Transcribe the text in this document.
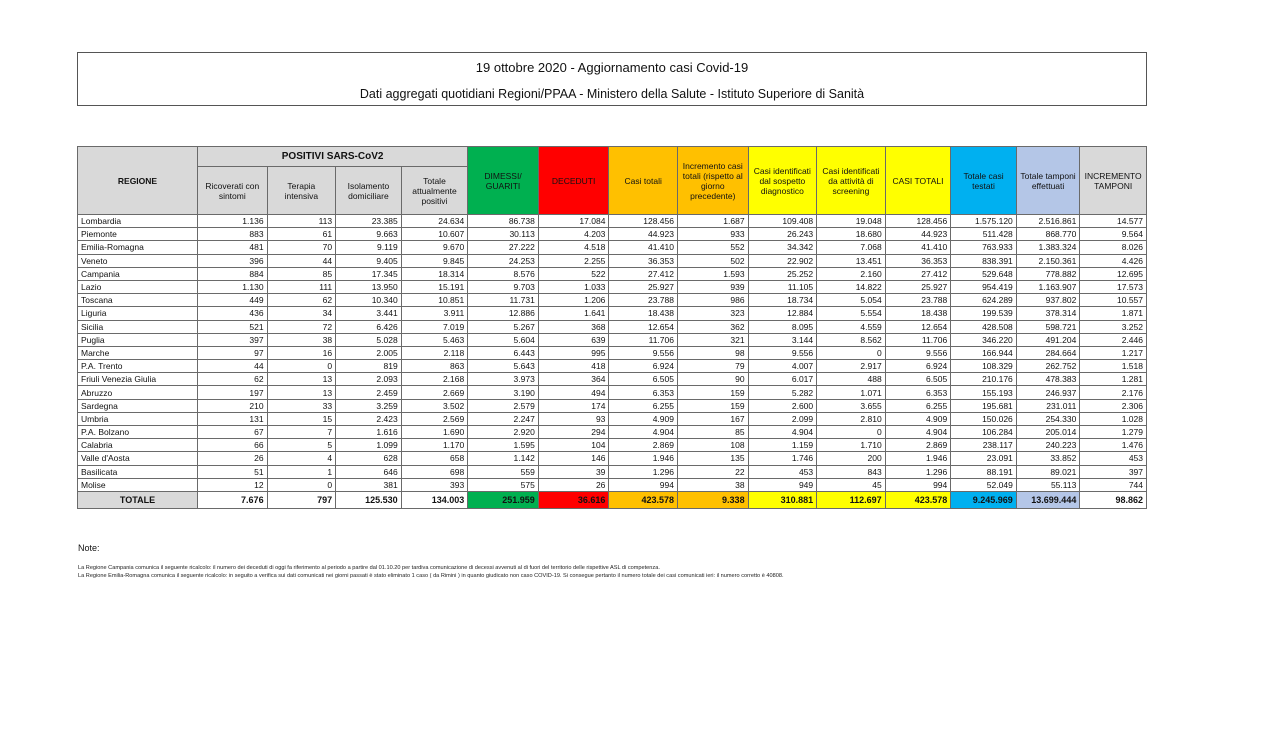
19 ottobre 2020 - Aggiornamento casi Covid-19
Dati aggregati quotidiani Regioni/PPAA - Ministero della Salute - Istituto Superiore di Sanità
REGIONE	POSITIVI SARS-CoV2				DIMESSI/ GUARITI	DECEDUTI	Casi totali	Incremento casi totali (rispetto al giorno precedente)	Casi identificati dal sospetto diagnostico	Casi identificati da attività di screening	CASI TOTALI	Totale casi testati	Totale tamponi effettuati	INCREMENTO TAMPONI
	Ricoverati con sintomi	Terapia intensiva	Isolamento domiciliare	Totale attualmente positivi										
Lombardia	1.136	113	23.385	24.634	86.738	17.084	128.456	1.687	109.408	19.048	128.456	1.575.120	2.516.861	14.577
Piemonte	883	61	9.663	10.607	30.113	4.203	44.923	933	26.243	18.680	44.923	511.428	868.770	9.564
Emilia-Romagna	481	70	9.119	9.670	27.222	4.518	41.410	552	34.342	7.068	41.410	763.933	1.383.324	8.026
Veneto	396	44	9.405	9.845	24.253	2.255	36.353	502	22.902	13.451	36.353	838.391	2.150.361	4.426
Campania	884	85	17.345	18.314	8.576	522	27.412	1.593	25.252	2.160	27.412	529.648	778.882	12.695
Lazio	1.130	111	13.950	15.191	9.703	1.033	25.927	939	11.105	14.822	25.927	954.419	1.163.907	17.573
Toscana	449	62	10.340	10.851	11.731	1.206	23.788	986	18.734	5.054	23.788	624.289	937.802	10.557
Liguria	436	34	3.441	3.911	12.886	1.641	18.438	323	12.884	5.554	18.438	199.539	378.314	1.871
Sicilia	521	72	6.426	7.019	5.267	368	12.654	362	8.095	4.559	12.654	428.508	598.721	3.252
Puglia	397	38	5.028	5.463	5.604	639	11.706	321	3.144	8.562	11.706	346.220	491.204	2.446
Marche	97	16	2.005	2.118	6.443	995	9.556	98	9.556	0	9.556	166.944	284.664	1.217
P.A. Trento	44	0	819	863	5.643	418	6.924	79	4.007	2.917	6.924	108.329	262.752	1.518
Friuli Venezia Giulia	62	13	2.093	2.168	3.973	364	6.505	90	6.017	488	6.505	210.176	478.383	1.281
Abruzzo	197	13	2.459	2.669	3.190	494	6.353	159	5.282	1.071	6.353	155.193	246.937	2.176
Sardegna	210	33	3.259	3.502	2.579	174	6.255	159	2.600	3.655	6.255	195.681	231.011	2.306
Umbria	131	15	2.423	2.569	2.247	93	4.909	167	2.099	2.810	4.909	150.026	254.330	1.028
P.A. Bolzano	67	7	1.616	1.690	2.920	294	4.904	85	4.904	0	4.904	106.284	205.014	1.279
Calabria	66	5	1.099	1.170	1.595	104	2.869	108	1.159	1.710	2.869	238.117	240.223	1.476
Valle d'Aosta	26	4	628	658	1.142	146	1.946	135	1.746	200	1.946	23.091	33.852	453
Basilicata	51	1	646	698	559	39	1.296	22	453	843	1.296	88.191	89.021	397
Molise	12	0	381	393	575	26	994	38	949	45	994	52.049	55.113	744
TOTALE	7.676	797	125.530	134.003	251.959	36.616	423.578	9.338	310.881	112.697	423.578	9.245.969	13.699.444	98.862
Note:
La Regione Campania comunica il seguente ricalcolo: il numero dei deceduti di oggi fa riferimento al periodo a partire dal 01.10.20 per tardiva comunicazione di decessi avvenuti al di fuori del territorio delle rispettive ASL di competenza.
La Regione Emilia-Romagna comunica il seguente ricalcolo: in seguito a verifica sui dati comunicati nei giorni passati è stato eliminato 1 caso ( da Rimini ) in quanto giudicato non caso COVID-19. Si consegue pertanto il numero totale dei casi comunicati ieri: il numero corretto è 40808.
